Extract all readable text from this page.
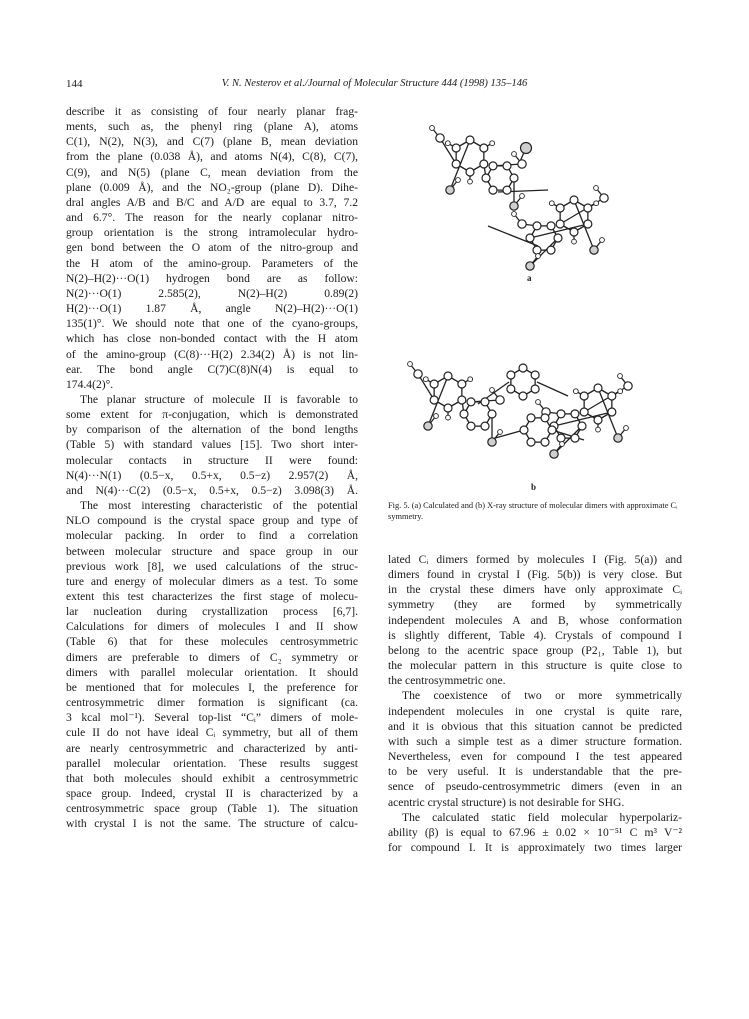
144	V. N. Nesterov et al./Journal of Molecular Structure 444 (1998) 135–146
describe it as consisting of four nearly planar frag-
ments, such as, the phenyl ring (plane A), atoms
C(1), N(2), N(3), and C(7) (plane B, mean deviation
from the plane (0.038 Å), and atoms N(4), C(8), C(7),
C(9), and N(5) (plane C, mean deviation from the
plane (0.009 Å), and the NO₂-group (plane D). Dihe-
dral angles A/B and B/C and A/D are equal to 3.7, 7.2
and 6.7°. The reason for the nearly coplanar nitro-
group orientation is the strong intramolecular hydro-
gen bond between the O atom of the nitro-group and
the H atom of the amino-group. Parameters of the
N(2)–H(2)···O(1) hydrogen bond are as follow:
N(2)···O(1) 2.585(2), N(2)–H(2) 0.89(2)
H(2)···O(1) 1.87 Å, angle N(2)–H(2)···O(1)
135(1)°. We should note that one of the cyano-groups,
which has close non-bonded contact with the H atom
of the amino-group (C(8)···H(2) 2.34(2) Å) is not lin-
ear. The bond angle C(7)C(8)N(4) is equal to
174.4(2)°.
The planar structure of molecule II is favorable to
some extent for π-conjugation, which is demonstrated
by comparison of the alternation of the bond lengths
(Table 5) with standard values [15]. Two short inter-
molecular contacts in structure II were found:
N(4)···N(1) (0.5−x, 0.5+x, 0.5−z) 2.957(2) Å,
and N(4)···C(2) (0.5−x, 0.5+x, 0.5−z) 3.098(3) Å.
The most interesting characteristic of the potential
NLO compound is the crystal space group and type of
molecular packing. In order to find a correlation
between molecular structure and space group in our
previous work [8], we used calculations of the struc-
ture and energy of molecular dimers as a test. To some
extent this test characterizes the first stage of molecu-
lar nucleation during crystallization process [6,7].
Calculations for dimers of molecules I and II show
(Table 6) that for these molecules centrosymmetric
dimers are preferable to dimers of C₂ symmetry or
dimers with parallel molecular orientation. It should
be mentioned that for molecules I, the preference for
centrosymmetric dimer formation is significant (ca.
3 kcal mol⁻¹). Several top-list “Cᵢ” dimers of mole-
cule II do not have ideal Cᵢ symmetry, but all of them
are nearly centrosymmetric and characterized by anti-
parallel molecular orientation. These results suggest
that both molecules should exhibit a centrosymmetric
space group. Indeed, crystal II is characterized by a
centrosymmetric space group (Table 1). The situation
with crystal I is not the same. The structure of calcu-
a
b
Fig. 5. (a) Calculated and (b) X-ray structure of molecular dimers with approximate Cᵢ symmetry.
lated Cᵢ dimers formed by molecules I (Fig. 5(a)) and
dimers found in crystal I (Fig. 5(b)) is very close. But
in the crystal these dimers have only approximate Cᵢ
symmetry (they are formed by symmetrically
independent molecules A and B, whose conformation
is slightly different, Table 4). Crystals of compound I
belong to the acentric space group (P2₁, Table 1), but
the molecular pattern in this structure is quite close to
the centrosymmetric one.
The coexistence of two or more symmetrically
independent molecules in one crystal is quite rare,
and it is obvious that this situation cannot be predicted
with such a simple test as a dimer structure formation.
Nevertheless, even for compound I the test appeared
to be very useful. It is understandable that the pre-
sence of pseudo-centrosymmetric dimers (even in an
acentric crystal structure) is not desirable for SHG.
The calculated static field molecular hyperpolariz-
ability (β) is equal to 67.96 ± 0.02 × 10⁻⁵¹ C m³ V⁻²
for compound I. It is approximately two times larger
